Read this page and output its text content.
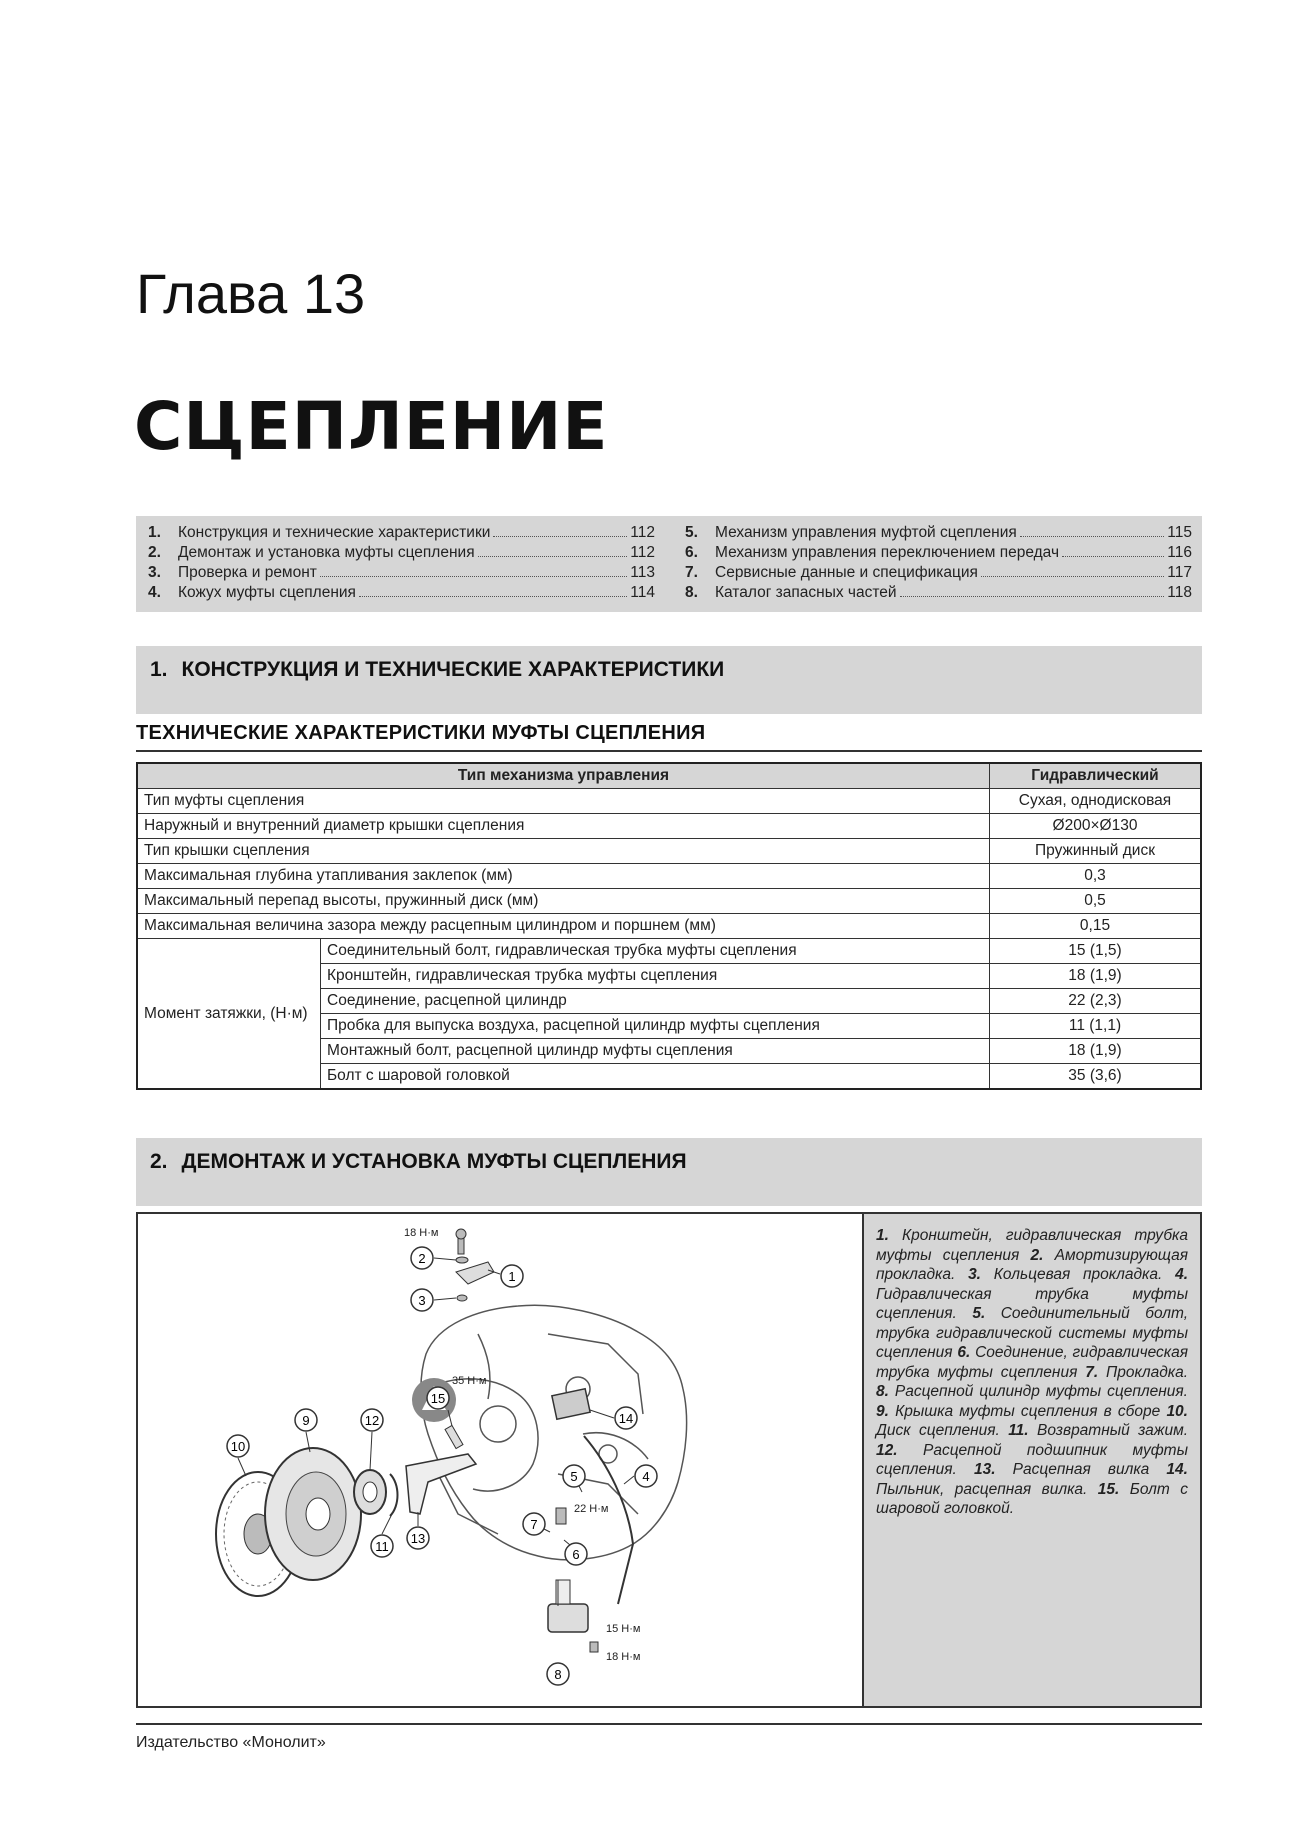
Глава 13
СЦЕПЛЕНИЕ
1.	Конструкция и технические характеристики	112
2.	Демонтаж и установка муфты сцепления	112
3.	Проверка и ремонт	113
4.	Кожух муфты сцепления	114
5.	Механизм управления муфтой сцепления	115
6.	Механизм управления переключением передач	116
7.	Сервисные данные и спецификация	117
8.	Каталог запасных частей	118
1. КОНСТРУКЦИЯ И ТЕХНИЧЕСКИЕ ХАРАКТЕРИСТИКИ
ТЕХНИЧЕСКИЕ ХАРАКТЕРИСТИКИ МУФТЫ СЦЕПЛЕНИЯ
Тип механизма управления		Гидравлический
Тип муфты сцепления		Сухая, однодисковая
Наружный и внутренний диаметр крышки сцепления		Ø200×Ø130
Тип крышки сцепления		Пружинный диск
Максимальная глубина утапливания заклепок (мм)		0,3
Максимальный перепад высоты, пружинный диск (мм)		0,5
Максимальная величина зазора между расцепным цилиндром и поршнем (мм)		0,15
Момент затяжки, (Н·м)	Соединительный болт, гидравлическая трубка муфты сцепления	15 (1,5)
	Кронштейн, гидравлическая трубка муфты сцепления	18 (1,9)
	Соединение, расцепной цилиндр	22 (2,3)
	Пробка для выпуска воздуха, расцепной цилиндр муфты сцепления	11 (1,1)
	Монтажный болт, расцепной цилиндр муфты сцепления	18 (1,9)
	Болт с шаровой головкой	35 (3,6)
2. ДЕМОНТАЖ И УСТАНОВКА МУФТЫ СЦЕПЛЕНИЯ
1
2
3
4
5
6
7
8
9
10
11
12
13
14
15
18 Н·м
35 Н·м
22 Н·м
15 Н·м
18 Н·м
1. Кронштейн, гидравлическая трубка муфты сцепления 2. Амортизирующая прокладка. 3. Кольцевая прокладка. 4. Гидравлическая трубка муфты сцепления. 5. Соединительный болт, трубка гидравлической системы муфты сцепления 6. Соединение, гидравлическая трубка муфты сцепления 7. Прокладка. 8. Расцепной цилиндр муфты сцепления. 9. Крышка муфты сцепления в сборе 10. Диск сцепления. 11. Возвратный зажим. 12. Расцепной подшипник муфты сцепления. 13. Расцепная вилка 14. Пыльник, расцепная вилка. 15. Болт с шаровой головкой.
Издательство «Монолит»
